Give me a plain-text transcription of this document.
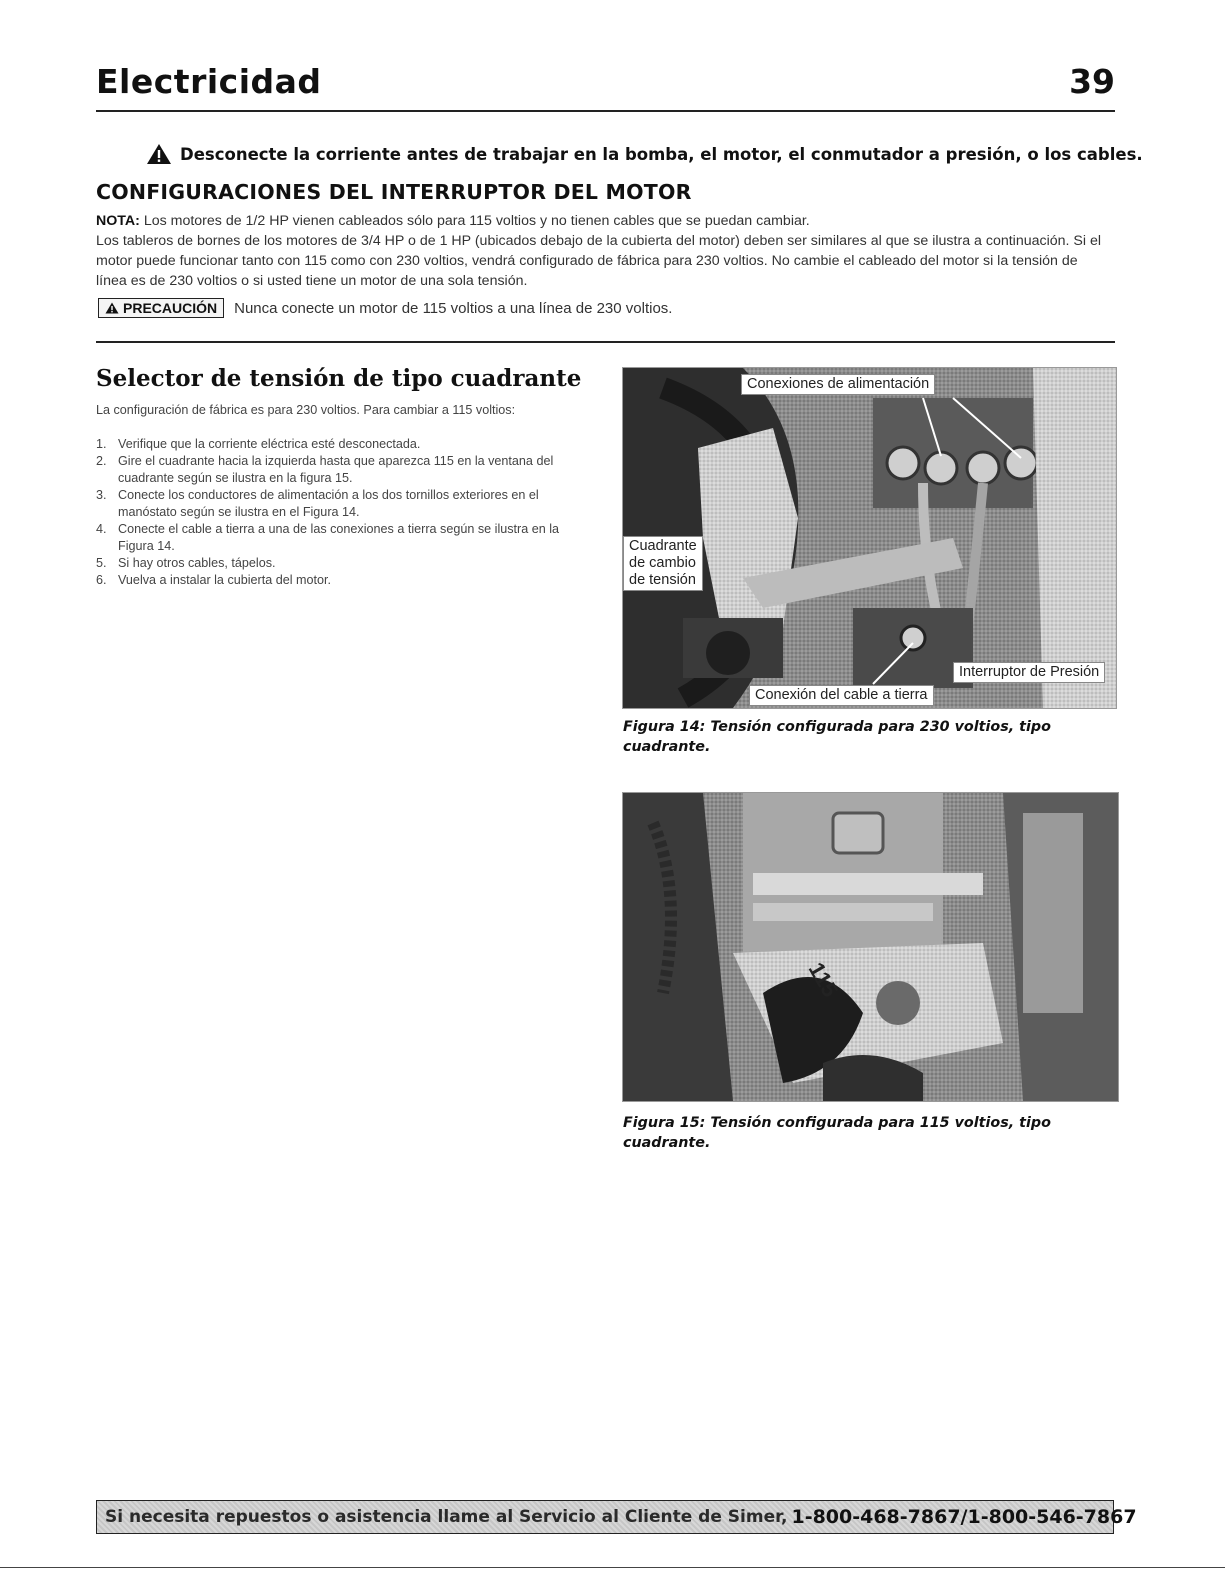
Electricidad	39
Desconecte la corriente antes de trabajar en la bomba, el motor, el conmutador a presión, o los cables.
CONFIGURACIONES DEL INTERRUPTOR DEL MOTOR

NOTA: Los motores de 1/2 HP vienen cableados sólo para 115 voltios y no tienen cables que se puedan cambiar.

Los tableros de bornes de los motores de 3/4 HP o de 1 HP (ubicados debajo de la cubierta del motor) deben ser similares al que se ilustra a continuación. Si el motor puede funcionar tanto con 115 como con 230 voltios, vendrá configurado de fábrica para 230 voltios. No cambie el cableado del motor si la tensión de línea es de 230 voltios o si usted tiene un motor de una sola tensión.

PRECAUCIÓN Nunca conecte un motor de 115 voltios a una línea de 230 voltios.
Selector de tensión de tipo cuadrante

La configuración de fábrica es para 230 voltios. Para cambiar a 115 voltios:

1. Verifique que la corriente eléctrica esté desconectada.
2. Gire el cuadrante hacia la izquierda hasta que aparezca 115 en la ventana del cuadrante según se ilustra en la figura 15.
3. Conecte los conductores de alimentación a los dos tornillos exteriores en el manóstato según se ilustra en el Figura 14.
4. Conecte el cable a tierra a una de las conexiones a tierra según se ilustra en la Figura 14.
5. Si hay otros cables, tápelos.
6. Vuelva a instalar la cubierta del motor.
Conexiones de alimentación
Cuadrante
de cambio
de tensión
Interruptor de Presión
Conexión del cable a tierra

Figura 14: Tensión configurada para 230 voltios, tipo cuadrante.

115

Figura 15: Tensión configurada para 115 voltios, tipo cuadrante.

Si necesita repuestos o asistencia llame al Servicio al Cliente de Simer, 1-800-468-7867/1-800-546-7867
